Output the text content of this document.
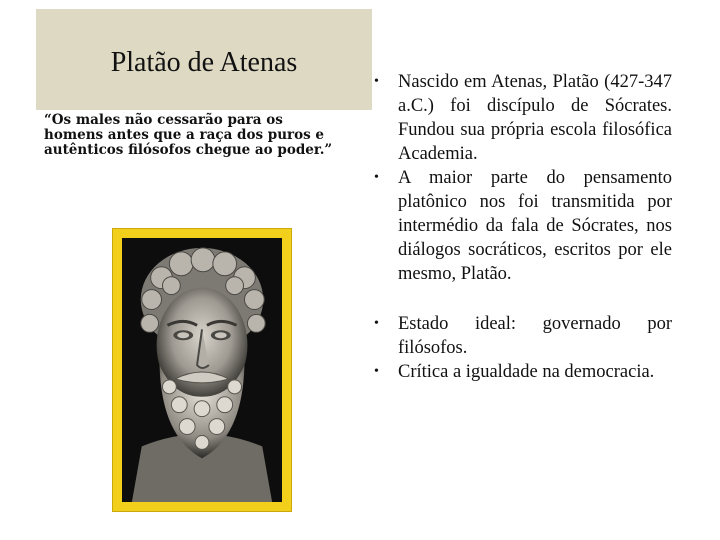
Platão de Atenas
“Os males não cessarão para os homens antes que a raça dos puros e autênticos filósofos chegue ao poder.”

• Nascido em Atenas, Platão (427-347 a.C.) foi discípulo de Sócrates. Fundou sua própria escola filosófica Academia.

• A maior parte do pensamento platônico nos foi transmitida por intermédio da fala de Sócrates, nos diálogos socráticos, escritos por ele mesmo, Platão.

• Estado ideal: governado por filósofos.

• Crítica a igualdade na democracia.
